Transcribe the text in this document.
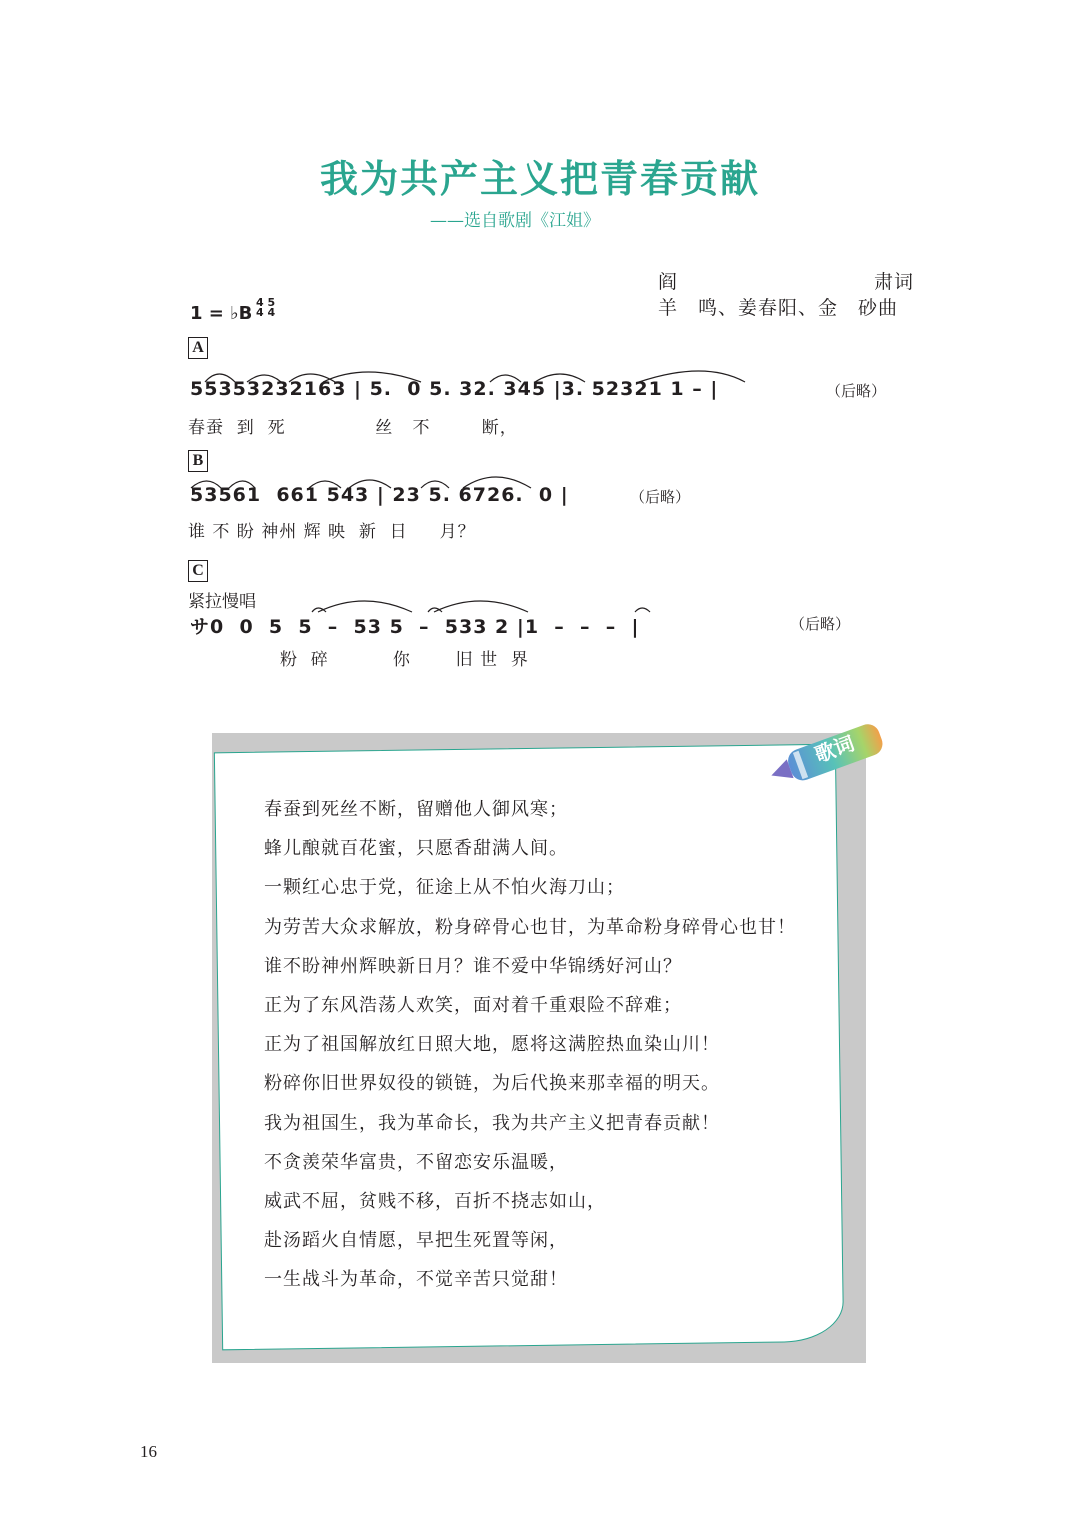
我为共产主义把青春贡献
——选自歌剧《江姐》
阎	肃词
羊　鸣、姜春阳、金　砂曲
1 = ♭B
4 5
4 4
A
55353232163 | 5.  0 5. 32. 345 |3. 52321 1 – |	（后略）
春蚕  到  死              丝   不        断，
B
53561  661 543 | 23 5. 6726.  0 |	（后略）
谁 不 盼 神州 辉 映  新  日     月？
C
紧拉慢唱
サ0  0  5  5  –  53 5  –  533 2 |1  –  –  –  |	（后略）
粉  碎          你       旧 世  界
歌词
春蚕到死丝不断，留赠他人御风寒；
蜂儿酿就百花蜜，只愿香甜满人间。
一颗红心忠于党，征途上从不怕火海刀山；
为劳苦大众求解放，粉身碎骨心也甘，为革命粉身碎骨心也甘！
谁不盼神州辉映新日月？谁不爱中华锦绣好河山？
正为了东风浩荡人欢笑，面对着千重艰险不辞难；
正为了祖国解放红日照大地，愿将这满腔热血染山川！
粉碎你旧世界奴役的锁链，为后代换来那幸福的明天。
我为祖国生，我为革命长，我为共产主义把青春贡献！
不贪羡荣华富贵，不留恋安乐温暖，
威武不屈，贫贱不移，百折不挠志如山，
赴汤蹈火自情愿，早把生死置等闲，
一生战斗为革命，不觉辛苦只觉甜！
16
